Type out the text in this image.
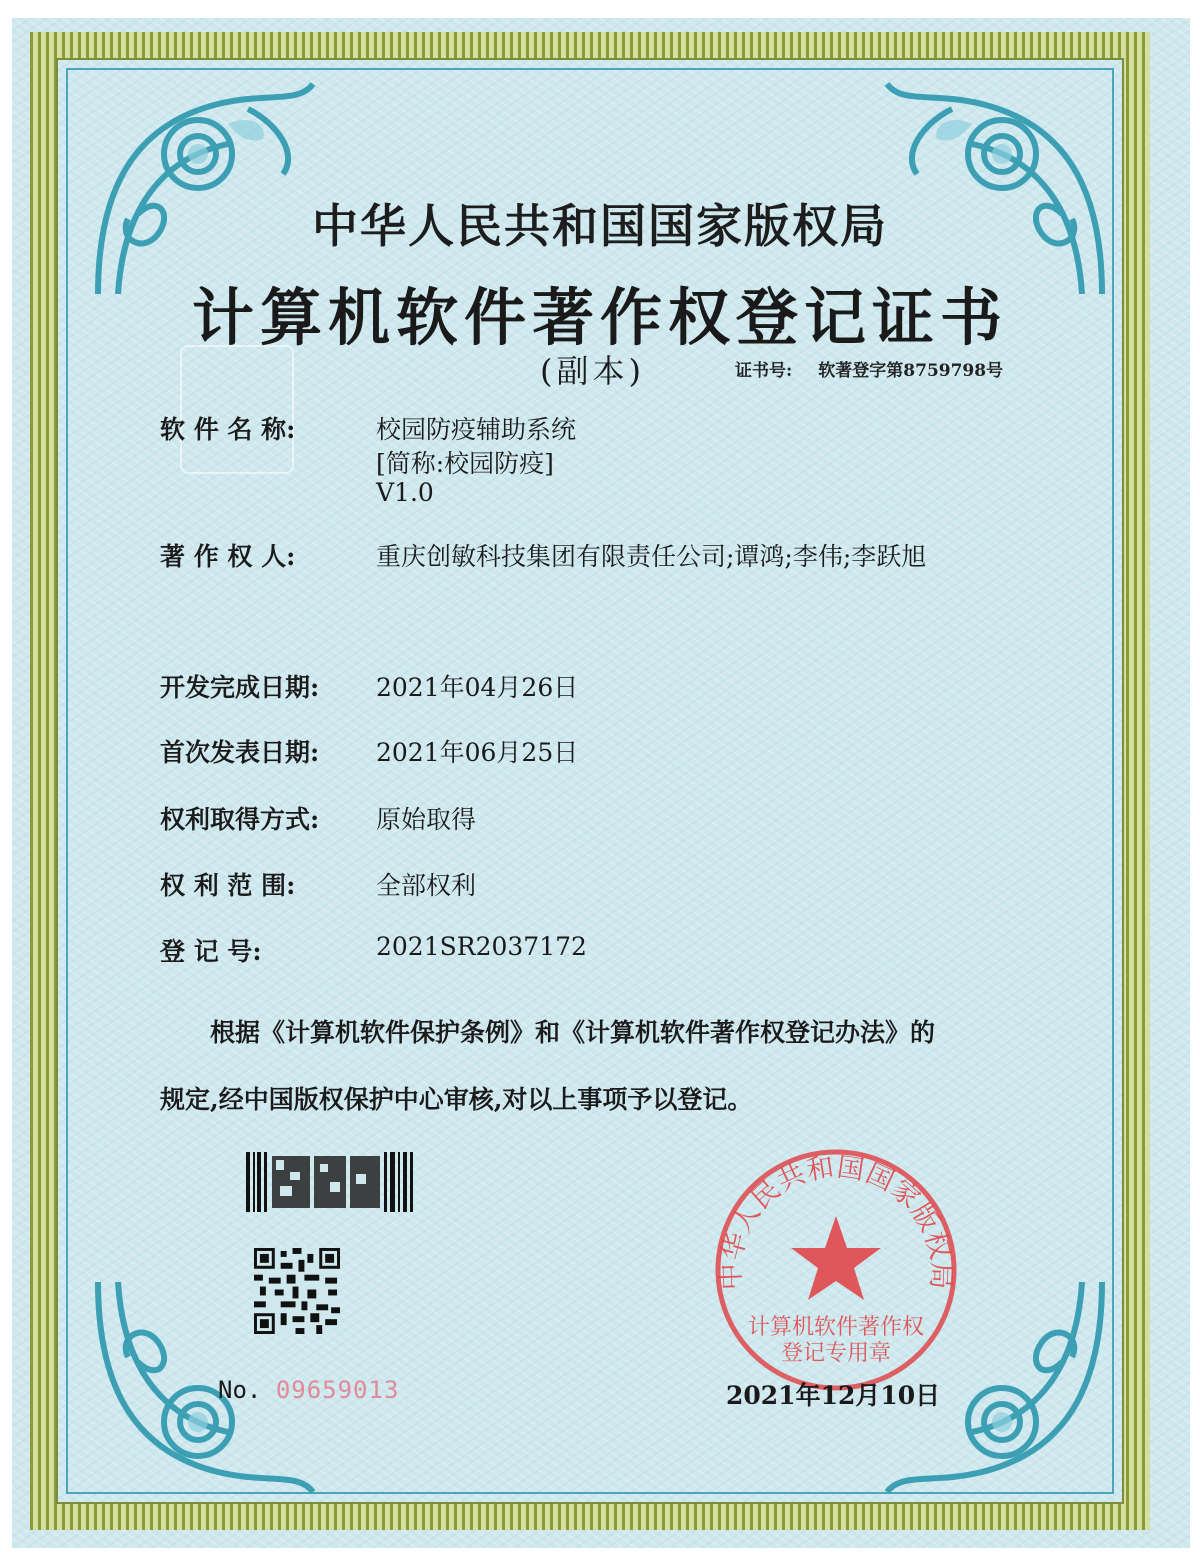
中华人民共和国国家版权局
计算机软件著作权登记证书
(副本)	证书号: 软著登字第8759798号
软 件 名 称:	校园防疫辅助系统
[简称:校园防疫]
V1.0
著 作 权 人:	重庆创敏科技集团有限责任公司;谭鸿;李伟;李跃旭
开发完成日期:	2021年04月26日
首次发表日期:	2021年06月25日
权利取得方式:	原始取得
权 利 范 围:	全部权利
登 记 号:	2021SR2037172
根据《计算机软件保护条例》和《计算机软件著作权登记办法》的
规定,经中国版权保护中心审核,对以上事项予以登记。
No. 09659013
中华人民共和国国家版权局
计算机软件著作权
登记专用章
2021年12月10日
